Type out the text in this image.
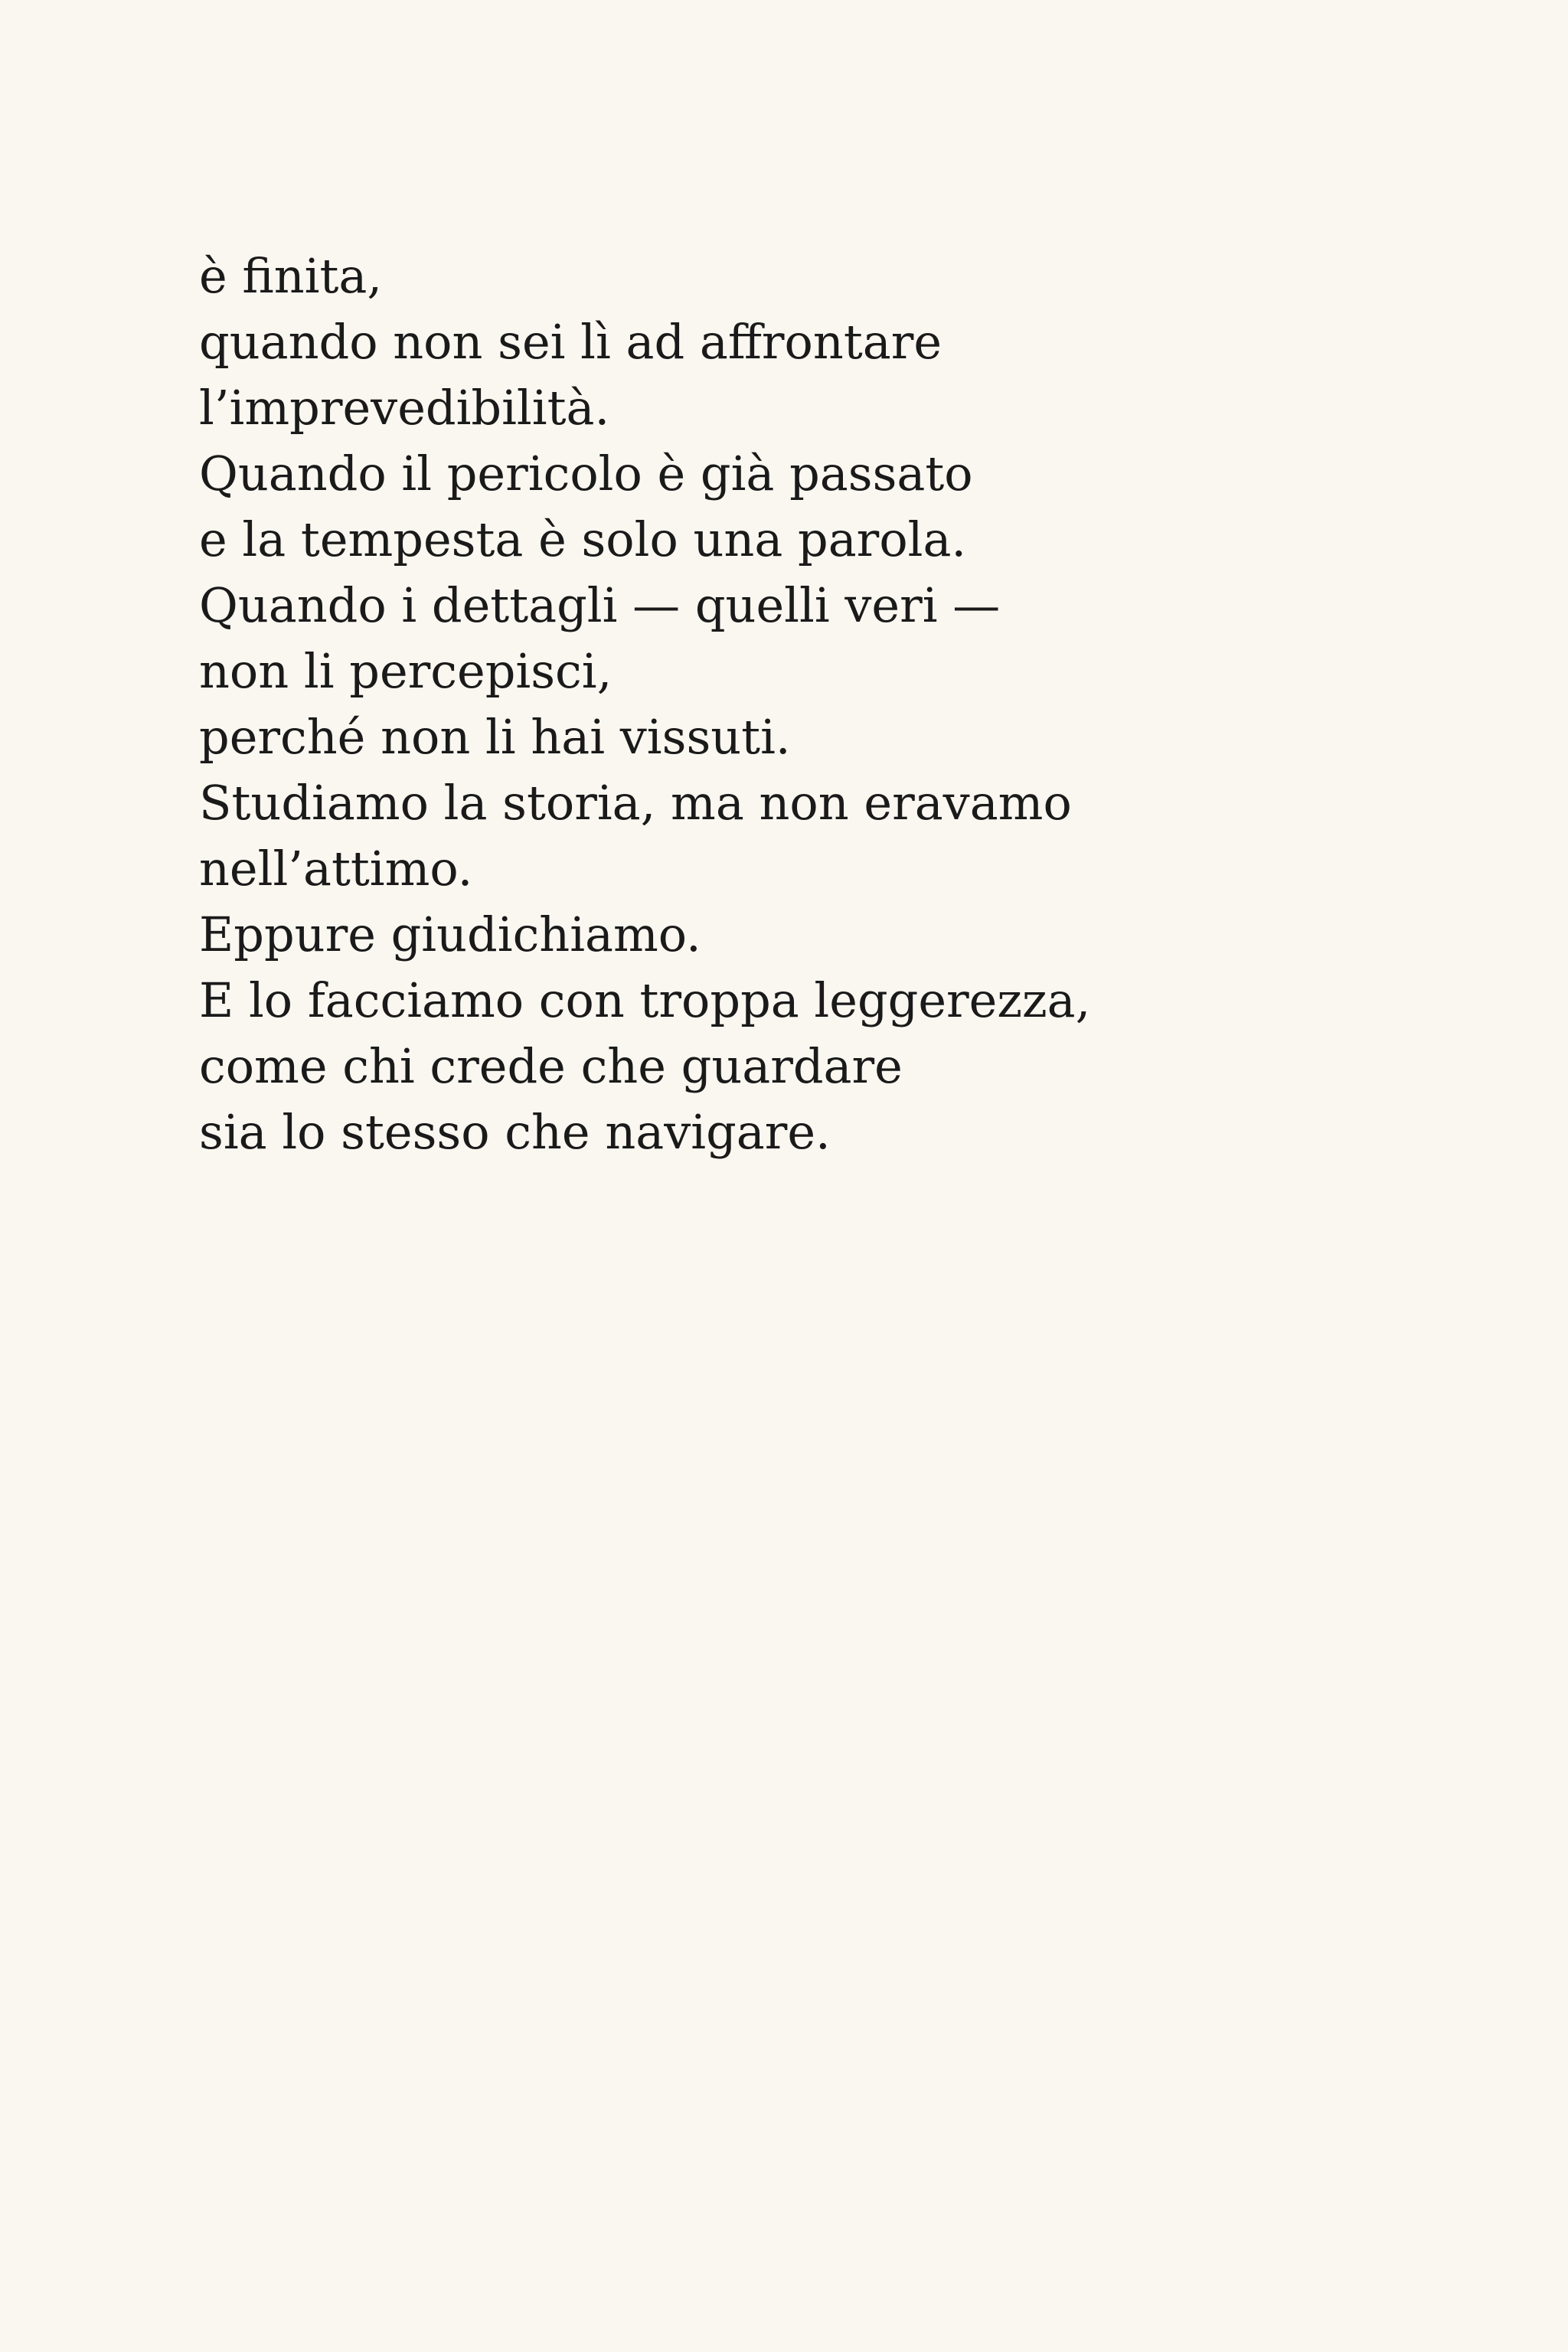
è finita,
quando non sei lì ad affrontare
l’imprevedibilità.
Quando il pericolo è già passato
e la tempesta è solo una parola.
Quando i dettagli — quelli veri —
non li percepisci,
perché non li hai vissuti.
Studiamo la storia, ma non eravamo
nell’attimo.
Eppure giudichiamo.
E lo facciamo con troppa leggerezza,
come chi crede che guardare
sia lo stesso che navigare.
